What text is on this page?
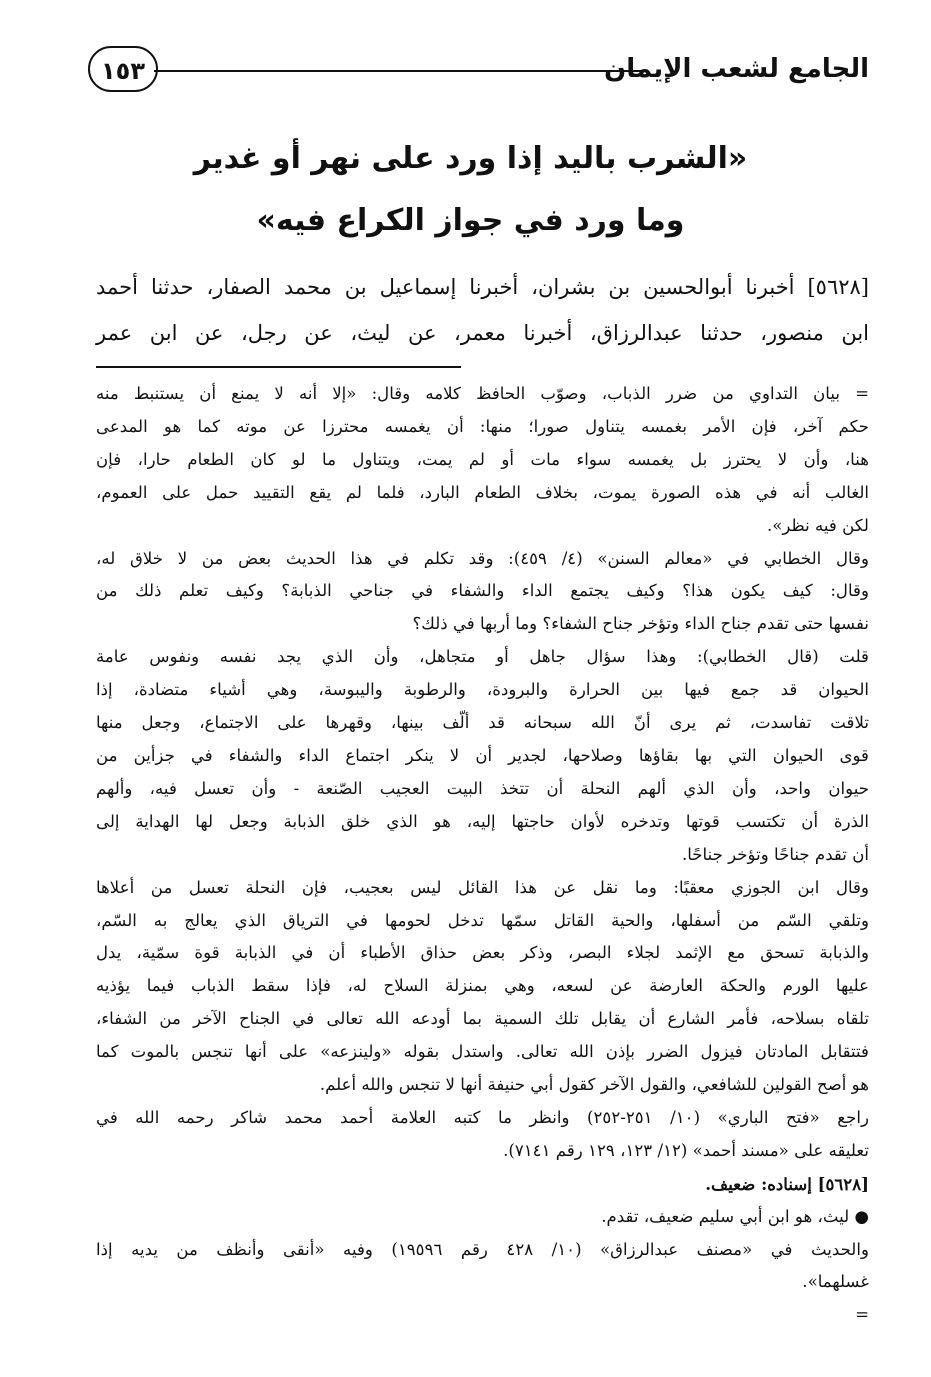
الجامع لشعب الإيمان
١٥٣
«الشرب باليد إذا ورد على نهر أو غدير
وما ورد في جواز الكراع فيه»
[٥٦٢٨] أخبرنا أبوالحسين بن بشران، أخبرنا إسماعيل بن محمد الصفار، حدثنا أحمد
ابن منصور، حدثنا عبدالرزاق، أخبرنا معمر، عن ليث، عن رجل، عن ابن عمر
= بيان التداوي من ضرر الذباب، وصوّب الحافظ كلامه وقال: «إلا أنه لا يمنع أن يستنبط منه
حكم آخر، فإن الأمر بغمسه يتناول صورا؛ منها: أن يغمسه محترزا عن موته كما هو المدعى
هنا، وأن لا يحترز بل يغمسه سواء مات أو لم يمت، ويتناول ما لو كان الطعام حارا، فإن
الغالب أنه في هذه الصورة يموت، بخلاف الطعام البارد، فلما لم يقع التقييد حمل على العموم،
لكن فيه نظر».
وقال الخطابي في «معالم السنن» (٤/ ٤٥٩): وقد تكلم في هذا الحديث بعض من لا خلاق له،
وقال: كيف يكون هذا؟ وكيف يجتمع الداء والشفاء في جناحي الذبابة؟ وكيف تعلم ذلك من
نفسها حتى تقدم جناح الداء وتؤخر جناح الشفاء؟ وما أربها في ذلك؟
قلت (قال الخطابي): وهذا سؤال جاهل أو متجاهل، وأن الذي يجد نفسه ونفوس عامة
الحيوان قد جمع فيها بين الحرارة والبرودة، والرطوبة واليبوسة، وهي أشياء متضادة، إذا
تلاقت تفاسدت، ثم يرى أنّ الله سبحانه قد ألّف بينها، وقهرها على الاجتماع، وجعل منها
قوى الحيوان التي بها بقاؤها وصلاحها، لجدير أن لا ينكر اجتماع الداء والشفاء في جزأين من
حيوان واحد، وأن الذي ألهم النحلة أن تتخذ البيت العجيب الصّنعة - وأن تعسل فيه، وألهم
الذرة أن تكتسب قوتها وتدخره لأوان حاجتها إليه، هو الذي خلق الذبابة وجعل لها الهداية إلى
أن تقدم جناحًا وتؤخر جناحًا.
وقال ابن الجوزي معقبًا: وما نقل عن هذا القائل ليس بعجيب، فإن النحلة تعسل من أعلاها
وتلقي السّم من أسفلها، والحية القاتل سمّها تدخل لحومها في الترياق الذي يعالج به السّم،
والذبابة تسحق مع الإثمد لجلاء البصر، وذكر بعض حذاق الأطباء أن في الذبابة قوة سمّية، يدل
عليها الورم والحكة العارضة عن لسعه، وهي بمنزلة السلاح له، فإذا سقط الذباب فيما يؤذيه
تلقاه بسلاحه، فأمر الشارع أن يقابل تلك السمية بما أودعه الله تعالى في الجناح الآخر من الشفاء،
فتتقابل المادتان فيزول الضرر بإذن الله تعالى. واستدل بقوله «ولينزعه» على أنها تنجس بالموت كما
هو أصح القولين للشافعي، والقول الآخر كقول أبي حنيفة أنها لا تنجس والله أعلم.
راجع «فتح الباري» (١٠/ ٢٥١-٢٥٢) وانظر ما كتبه العلامة أحمد محمد شاكر رحمه الله في
تعليقه على «مسند أحمد» (١٢/ ١٢٣، ١٢٩ رقم ٧١٤١).
[٥٦٢٨] إسناده: ضعيف.
● ليث، هو ابن أبي سليم ضعيف، تقدم.
والحديث في «مصنف عبدالرزاق» (١٠/ ٤٢٨ رقم ١٩٥٩٦) وفيه «أنقى وأنظف من يديه إذا
غسلهما».
=
